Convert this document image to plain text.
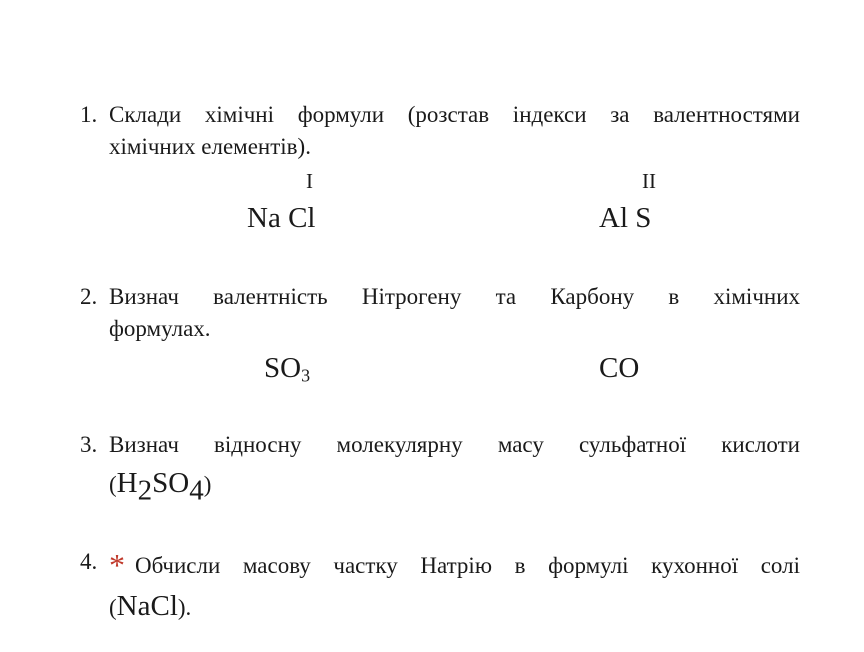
1. Склади хімічні формули (розстав індекси за валентностями
хімічних елементів).
I
Na Cl
II
Al S
2. Визнач валентність Нітрогену та Карбону в хімічних
формулах.
$SO_3$	CO
3. Визнач відносну молекулярну масу сульфатної кислоти
$(H_2SO_4)$
4. * Обчисли масову частку Натрію в формулі кухонної солі
(NaCl).
